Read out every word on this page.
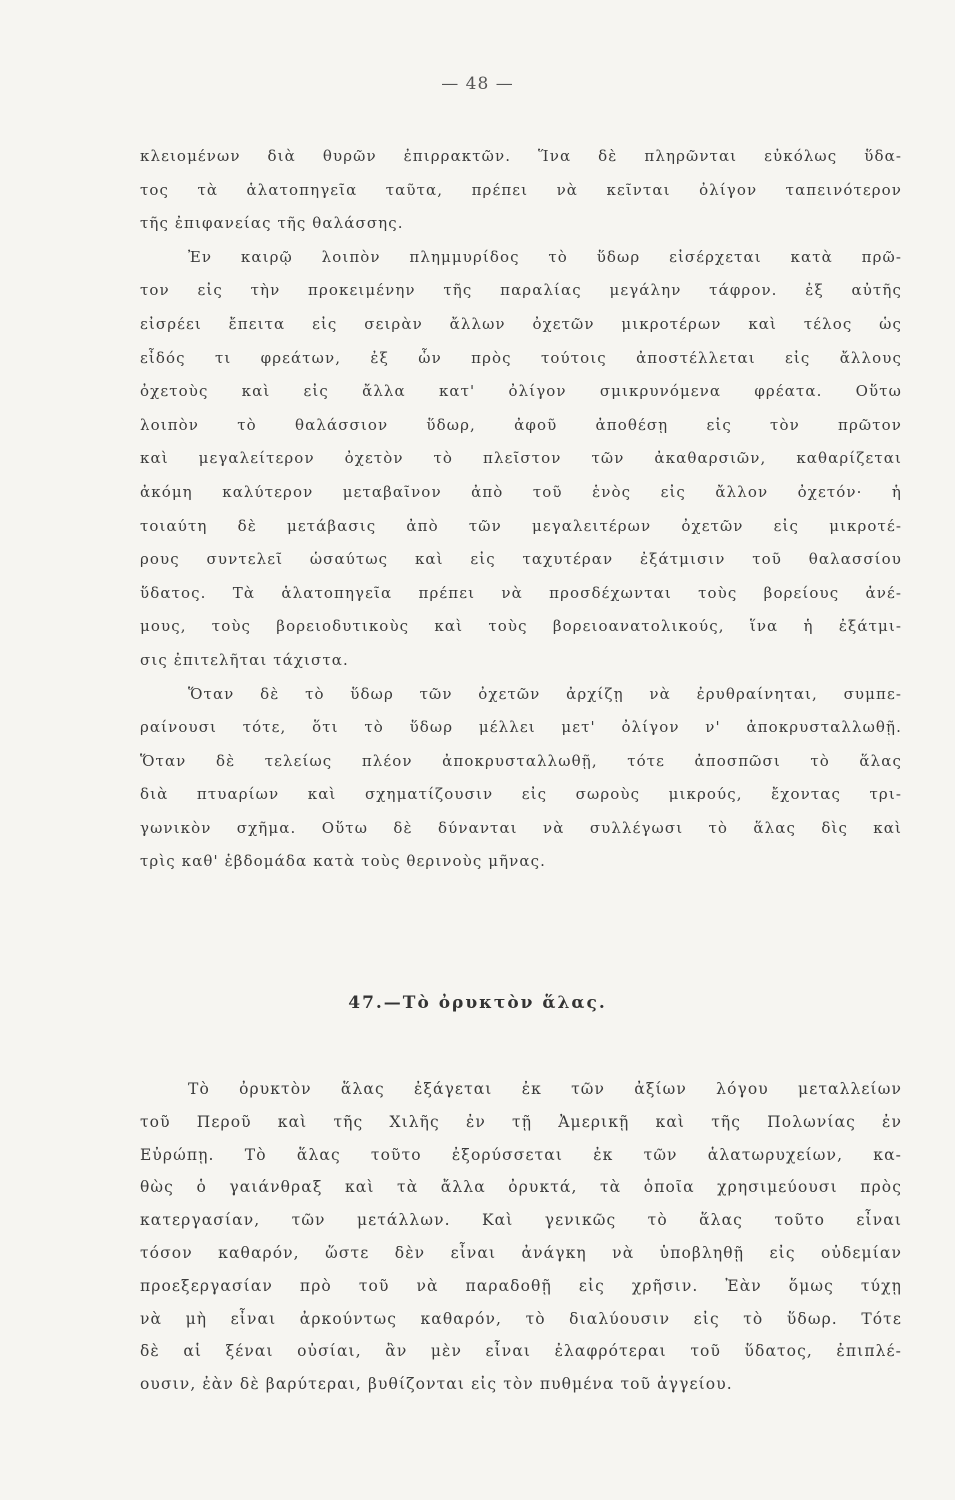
— 48 —

κλειομένων διὰ θυρῶν ἐπιρρακτῶν. Ἵνα δὲ πληρῶνται εὐκόλως ὕδα-
τος τὰ ἁλατοπηγεῖα ταῦτα, πρέπει νὰ κεῖνται ὀλίγον ταπεινότερον
τῆς ἐπιφανείας τῆς θαλάσσης.

Ἐν καιρῷ λοιπὸν πλημμυρίδος τὸ ὕδωρ εἰσέρχεται κατὰ πρῶ-
τον εἰς τὴν προκειμένην τῆς παραλίας μεγάλην τάφρον. ἐξ αὐτῆς
εἰσρέει ἔπειτα εἰς σειρὰν ἄλλων ὀχετῶν μικροτέρων καὶ τέλος ὡς
εἶδός τι φρεάτων, ἐξ ὧν πρὸς τούτοις ἀποστέλλεται εἰς ἄλλους
ὀχετοὺς καὶ εἰς ἄλλα κατ' ὀλίγον σμικρυνόμενα φρέατα. Οὕτω
λοιπὸν τὸ θαλάσσιον ὕδωρ, ἀφοῦ ἀποθέσῃ εἰς τὸν πρῶτον
καὶ μεγαλείτερον ὀχετὸν τὸ πλεῖστον τῶν ἀκαθαρσιῶν, καθαρίζεται
ἀκόμη καλύτερον μεταβαῖνον ἀπὸ τοῦ ἑνὸς εἰς ἄλλον ὀχετόν· ἡ
τοιαύτη δὲ μετάβασις ἀπὸ τῶν μεγαλειτέρων ὀχετῶν εἰς μικροτέ-
ρους συντελεῖ ὡσαύτως καὶ εἰς ταχυτέραν ἐξάτμισιν τοῦ θαλασσίου
ὕδατος. Τὰ ἁλατοπηγεῖα πρέπει νὰ προσδέχωνται τοὺς βορείους ἀνέ-
μους, τοὺς βορειοδυτικοὺς καὶ τοὺς βορειοανατολικούς, ἵνα ἡ ἐξάτμι-
σις ἐπιτελῆται τάχιστα.

Ὅταν δὲ τὸ ὕδωρ τῶν ὀχετῶν ἀρχίζῃ νὰ ἐρυθραίνηται, συμπε-
ραίνουσι τότε, ὅτι τὸ ὕδωρ μέλλει μετ' ὀλίγον ν' ἀποκρυσταλλωθῇ.
Ὅταν δὲ τελείως πλέον ἀποκρυσταλλωθῇ, τότε ἀποσπῶσι τὸ ἅλας
διὰ πτυαρίων καὶ σχηματίζουσιν εἰς σωροὺς μικρούς, ἔχοντας τρι-
γωνικὸν σχῆμα. Οὕτω δὲ δύνανται νὰ συλλέγωσι τὸ ἅλας δὶς καὶ
τρὶς καθ' ἑβδομάδα κατὰ τοὺς θερινοὺς μῆνας.

47.—Τὸ ὀρυκτὸν ἅλας.

Τὸ ὀρυκτὸν ἅλας ἐξάγεται ἐκ τῶν ἀξίων λόγου μεταλλείων
τοῦ Περοῦ καὶ τῆς Χιλῆς ἐν τῇ Ἀμερικῇ καὶ τῆς Πολωνίας ἐν
Εὐρώπῃ. Τὸ ἅλας τοῦτο ἐξορύσσεται ἐκ τῶν ἁλατωρυχείων, κα-
θὼς ὁ γαιάνθραξ καὶ τὰ ἄλλα ὀρυκτά, τὰ ὁποῖα χρησιμεύουσι πρὸς
κατεργασίαν, τῶν μετάλλων. Καὶ γενικῶς τὸ ἅλας τοῦτο εἶναι
τόσον καθαρόν, ὥστε δὲν εἶναι ἀνάγκη νὰ ὑποβληθῇ εἰς οὐδεμίαν
προεξεργασίαν πρὸ τοῦ νὰ παραδοθῇ εἰς χρῆσιν. Ἐὰν ὅμως τύχῃ
νὰ μὴ εἶναι ἀρκούντως καθαρόν, τὸ διαλύουσιν εἰς τὸ ὕδωρ. Τότε
δὲ αἱ ξέναι οὐσίαι, ἂν μὲν εἶναι ἐλαφρότεραι τοῦ ὕδατος, ἐπιπλέ-
ουσιν, ἐὰν δὲ βαρύτεραι, βυθίζονται εἰς τὸν πυθμένα τοῦ ἀγγείου.
